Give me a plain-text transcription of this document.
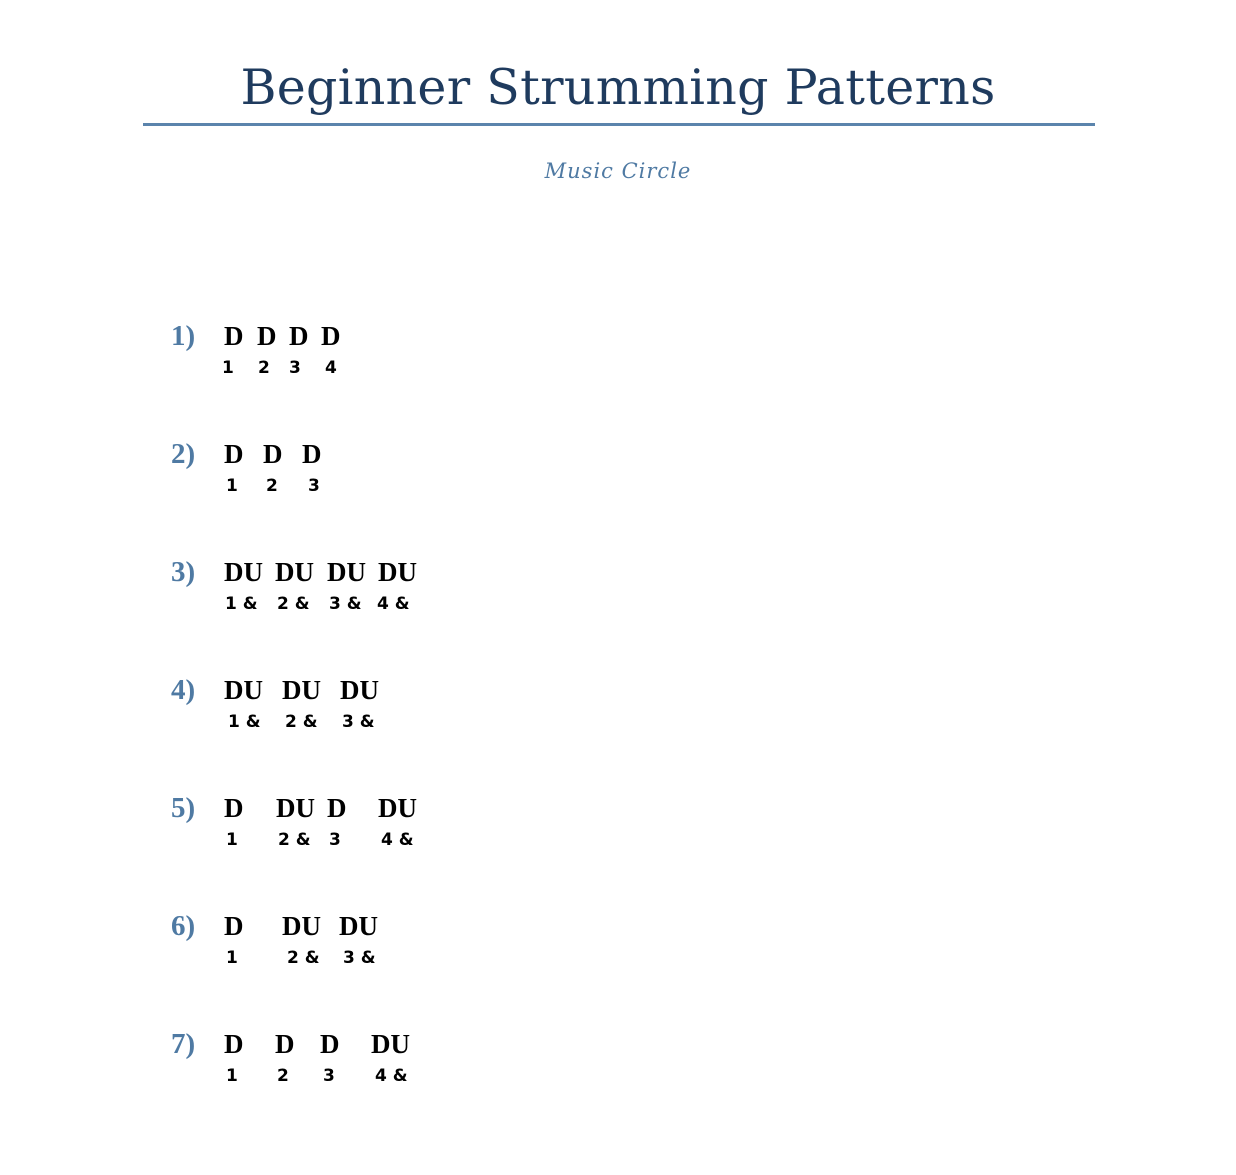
Beginner Strumming Patterns
Music Circle
1) D D D D
1 2 3 4
2) D D D
1 2 3
3) DU DU DU DU
1 & 2 & 3 & 4 &
4) DU DU DU
1 & 2 & 3 &
5) D DU D DU
1 2 & 3 4 &
6) D DU DU
1	2 & 3 &
7) D D D DU
1 2 3 4 &
